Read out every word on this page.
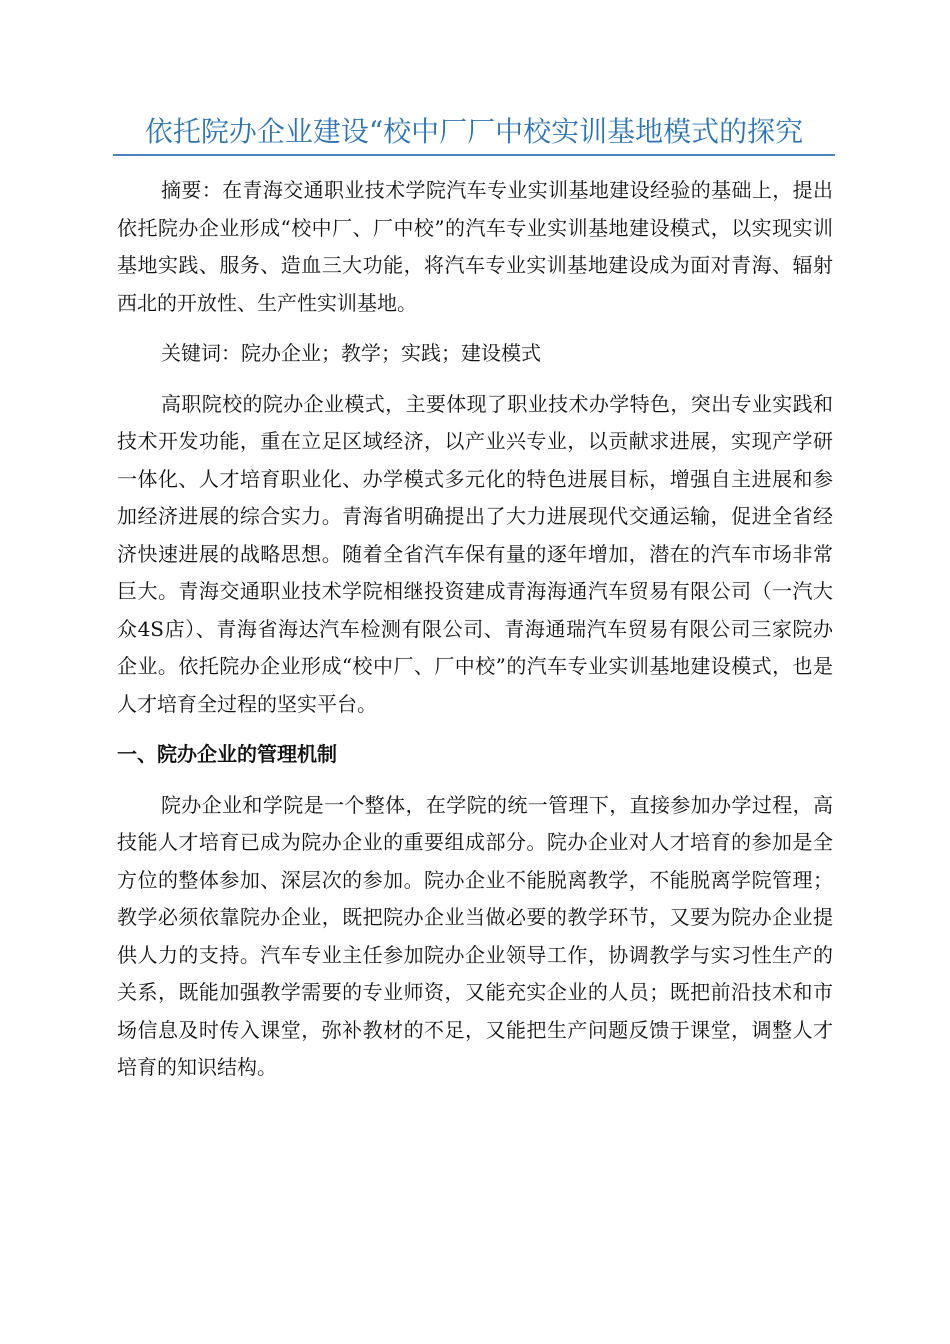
依托院办企业建设“校中厂厂中校实训基地模式的探究

摘要：在青海交通职业技术学院汽车专业实训基地建设经验的基础上，提出依托院办企业形成“校中厂、厂中校”的汽车专业实训基地建设模式，以实现实训基地实践、服务、造血三大功能，将汽车专业实训基地建设成为面对青海、辐射西北的开放性、生产性实训基地。

关键词：院办企业；教学；实践；建设模式

高职院校的院办企业模式，主要体现了职业技术办学特色，突出专业实践和技术开发功能，重在立足区域经济，以产业兴专业，以贡献求进展，实现产学研一体化、人才培育职业化、办学模式多元化的特色进展目标，增强自主进展和参加经济进展的综合实力。青海省明确提出了大力进展现代交通运输，促进全省经济快速进展的战略思想。随着全省汽车保有量的逐年增加，潜在的汽车市场非常巨大。青海交通职业技术学院相继投资建成青海海通汽车贸易有限公司（一汽大众4S店）、青海省海达汽车检测有限公司、青海通瑞汽车贸易有限公司三家院办企业。依托院办企业形成“校中厂、厂中校”的汽车专业实训基地建设模式，也是人才培育全过程的坚实平台。

一、院办企业的管理机制

院办企业和学院是一个整体，在学院的统一管理下，直接参加办学过程，高技能人才培育已成为院办企业的重要组成部分。院办企业对人才培育的参加是全方位的整体参加、深层次的参加。院办企业不能脱离教学，不能脱离学院管理；教学必须依靠院办企业，既把院办企业当做必要的教学环节，又要为院办企业提供人力的支持。汽车专业主任参加院办企业领导工作，协调教学与实习性生产的关系，既能加强教学需要的专业师资，又能充实企业的人员；既把前沿技术和市场信息及时传入课堂，弥补教材的不足，又能把生产问题反馈于课堂，调整人才培育的知识结构。
